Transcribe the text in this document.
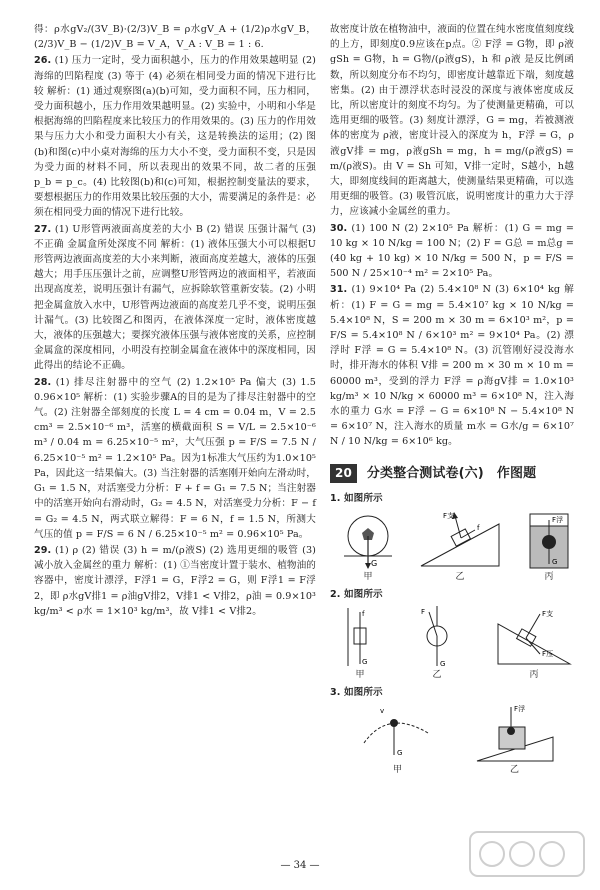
得：ρ水gV₂/(3V_B)·(2/3)V_B = ρ水gV_A + (1/2)ρ水gV_B，(2/3)V_B − (1/2)V_B = V_A，V_A : V_B = 1 : 6.

26. (1) 压力一定时，受力面积越小，压力的作用效果越明显 (2) 海绵的凹陷程度 (3) 等于 (4) 必须在相同受力面的情况下进行比较 解析：(1) 通过观察图(a)(b)可知，受力面积不同，压力相同，受力面积越小，压力作用效果越明显。(2) 实验中，小明和小华是根据海绵的凹陷程度来比较压力的作用效果的。(3) 压力的作用效果与压力大小和受力面积大小有关，这是转换法的运用；(2) 图(b)和图(c)中小桌对海绵的压力大小不变，受力面积不变，只是因为受力面的材料不同，所以表现出的效果不同，故二者的压强 p_b = p_c。(4) 比较图(b)和(c)可知，根据控制变量法的要求，要想根据压力的作用效果比较压强的大小，需要满足的条件是：必须在相同受力面的情况下进行比较。

27. (1) U形管两液面高度差的大小 B (2) 错误 压强计漏气 (3) 不正确 金属盒所处深度不同 解析：(1) 液体压强大小可以根据U形管两边液面高度差的大小来判断，液面高度差越大，液体的压强越大；用手压压强计之前，应调整U形管两边的液面相平，若液面出现高度差，说明压强计有漏气，应拆除软管重新安装。(2) 小明把金属盒放入水中，U形管两边液面的高度差几乎不变，说明压强计漏气。(3) 比较图乙和图丙，在液体深度一定时，液体密度越大，液体的压强越大；要探究液体压强与液体密度的关系，应控制金属盒的深度相同，小明没有控制金属盒在液体中的深度相同，因此得出的结论不正确。

28. (1) 排尽注射器中的空气 (2) 1.2×10⁵ Pa 偏大 (3) 1.5 0.96×10⁵ 解析：(1) 实验步骤A的目的是为了排尽注射器中的空气。(2) 注射器全部刻度的长度 L = 4 cm = 0.04 m，V = 2.5 cm³ = 2.5×10⁻⁶ m³，活塞的横截面积 S = V/L = 2.5×10⁻⁶ m³ / 0.04 m = 6.25×10⁻⁵ m²，大气压强 p = F/S = 7.5 N / 6.25×10⁻⁵ m² = 1.2×10⁵ Pa。因为1标准大气压约为1.0×10⁵ Pa，因此这一结果偏大。(3) 当注射器的活塞刚开始向左滑动时，G₁ = 1.5 N，对活塞受力分析：F + f = G₁ = 7.5 N；当注射器中的活塞开始向右滑动时，G₂ = 4.5 N，对活塞受力分析：F − f = G₂ = 4.5 N，两式联立解得：F = 6 N，f = 1.5 N，所测大气压的值 p = F/S = 6 N / 6.25×10⁻⁵ m² = 0.96×10⁵ Pa。

29. (1) ρ (2) 错误 (3) h = m/(ρ液S) (2) 选用更细的吸管 (3) 减小放入金属丝的重力 解析：(1) ①当密度计置于装水、植物油的容器中，密度计漂浮，F浮1 = G，F浮2 = G，则 F浮1 = F浮2，即 ρ水gV排1 = ρ油gV排2，V排1 < V排2，ρ油 = 0.9×10³ kg/m³ < ρ水 = 1×10³ kg/m³，故 V排1 < V排2。

故密度计放在植物油中，液面的位置在纯水密度值刻度线的上方，即刻度0.9应该在p点。② F浮 = G物，即 ρ液gSh = G物，h = G物/(ρ液gS)，h 和 ρ液 是反比例函数，所以刻度分布不均匀，即密度计越靠近下端，刻度越密集。(2) 由于漂浮状态时浸没的深度与液体密度成反比，所以密度计的刻度不均匀。为了使测量更精确，可以选用更细的吸管。(3) 刻度计漂浮，G = mg，若被测液体的密度为 ρ液，密度计浸入的深度为 h，F浮 = G，ρ液gV排 = mg，ρ液gSh = mg，h = mg/(ρ液gS) = m/(ρ液S)。由 V = Sh 可知，V排一定时，S越小，h越大，即刻度线间的距离越大，使测量结果更精确，可以选用更细的吸管。(3) 吸管沉底，说明密度计的重力大于浮力，应该减小金属丝的重力。

30. (1) 100 N (2) 2×10⁵ Pa 解析：(1) G = mg = 10 kg × 10 N/kg = 100 N；(2) F = G总 = m总g = (40 kg + 10 kg) × 10 N/kg = 500 N，p = F/S = 500 N / 25×10⁻⁴ m² = 2×10⁵ Pa。

31. (1) 9×10⁴ Pa (2) 5.4×10⁸ N (3) 6×10⁴ kg 解析：(1) F = G = mg = 5.4×10⁷ kg × 10 N/kg = 5.4×10⁸ N，S = 200 m × 30 m = 6×10³ m²，p = F/S = 5.4×10⁸ N / 6×10³ m² = 9×10⁴ Pa。(2) 漂浮时 F浮 = G = 5.4×10⁸ N。(3) 沉管刚好浸没海水时，排开海水的体积 V排 = 200 m × 30 m × 10 m = 60000 m³，受到的浮力 F浮 = ρ海gV排 = 1.0×10³ kg/m³ × 10 N/kg × 60000 m³ = 6×10⁸ N，注入海水的重力 G水 = F浮 − G = 6×10⁸ N − 5.4×10⁸ N = 6×10⁷ N，注入海水的质量 m水 = G水/g = 6×10⁷ N / 10 N/kg = 6×10⁶ kg。

20	分类整合测试卷(六)　作图题
1. 如图所示
G
甲
F支
f
乙
F浮
G
丙
2. 如图所示
f
G
甲
F
G
乙
F支
F压
丙
3. 如图所示
G
v
甲
F浮
乙
— 34 —
